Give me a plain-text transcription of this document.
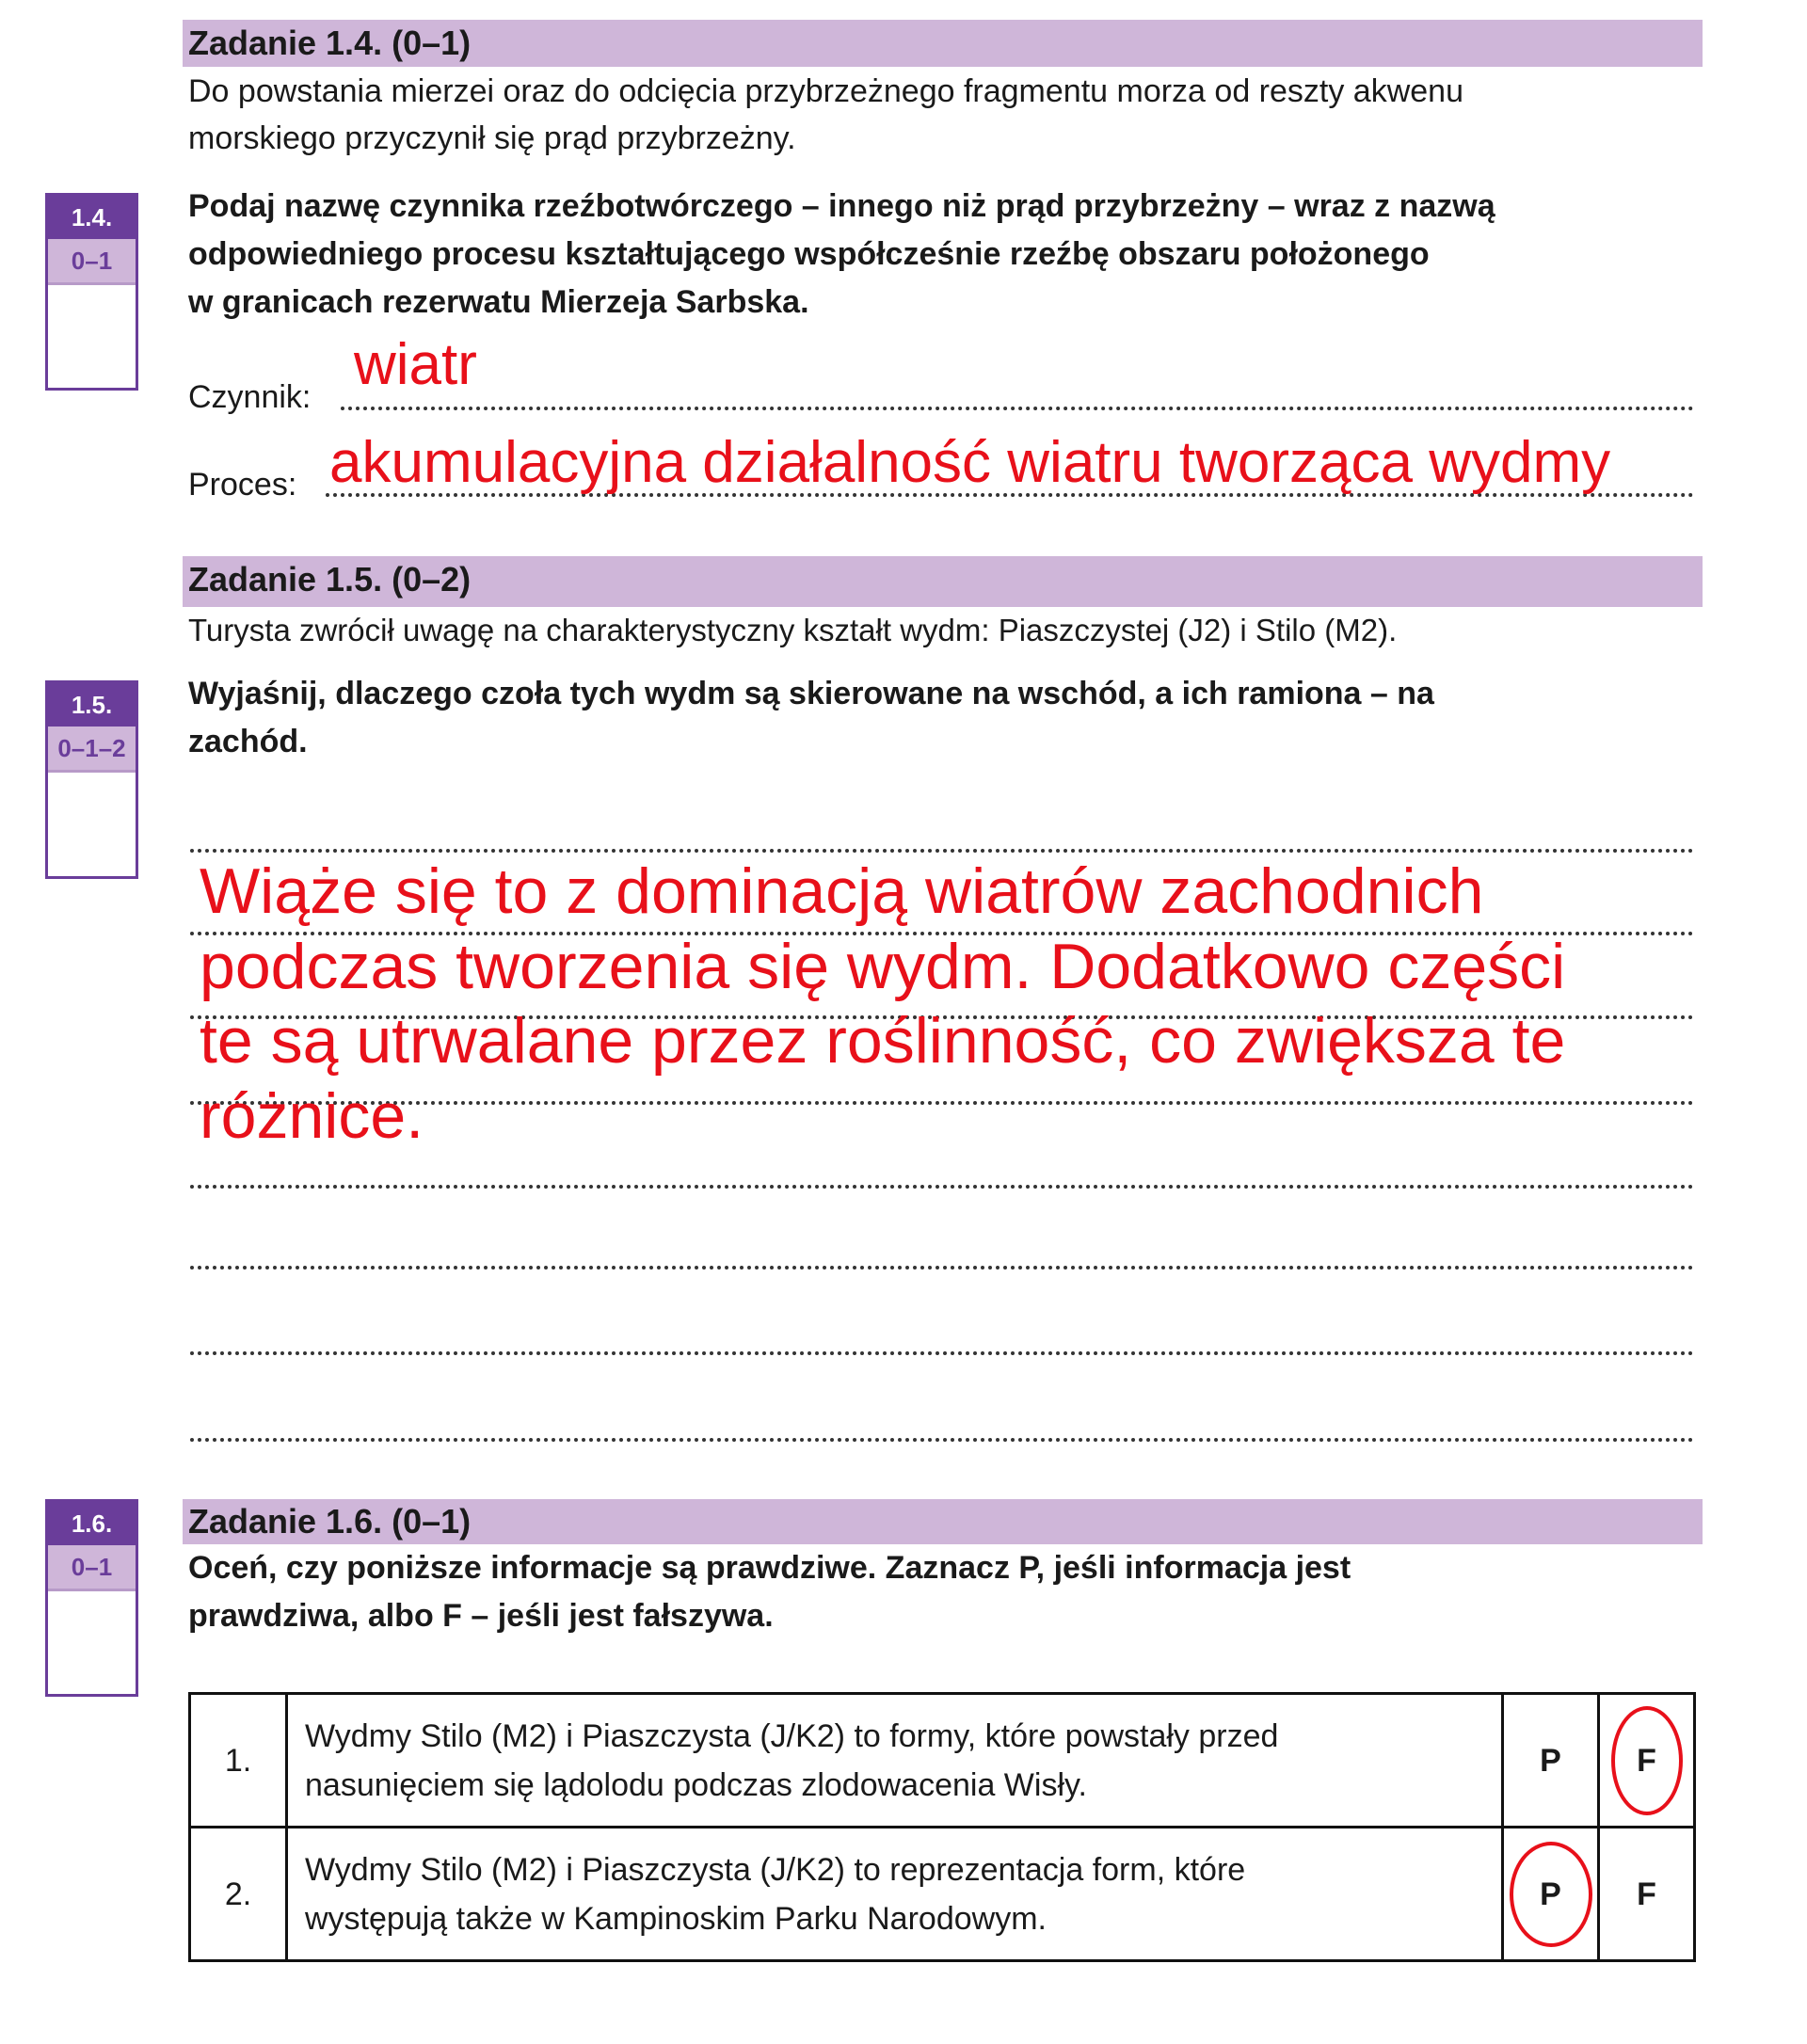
Zadanie 1.4. (0–1)
Do powstania mierzei oraz do odcięcia przybrzeżnego fragmentu morza od reszty akwenu
morskiego przyczynił się prąd przybrzeżny.
1.4.
0–1
Podaj nazwę czynnika rzeźbotwórczego – innego niż prąd przybrzeżny – wraz z nazwą
odpowiedniego procesu kształtującego współcześnie rzeźbę obszaru położonego
w granicach rezerwatu Mierzeja Sarbska.
Czynnik: wiatr
Proces: akumulacyjna działalność wiatru tworząca wydmy
Zadanie 1.5. (0–2)
Turysta zwrócił uwagę na charakterystyczny kształt wydm: Piaszczystej (J2) i Stilo (M2).
1.5.
0–1–2
Wyjaśnij, dlaczego czoła tych wydm są skierowane na wschód, a ich ramiona – na
zachód.
Wiąże się to z dominacją wiatrów zachodnich
podczas tworzenia się wydm. Dodatkowo części
te są utrwalane przez roślinność, co zwiększa te
różnice.
1.6.
0–1
Zadanie 1.6. (0–1)
Oceń, czy poniższe informacje są prawdziwe. Zaznacz P, jeśli informacja jest
prawdziwa, albo F – jeśli jest fałszywa.
1.	Wydmy Stilo (M2) i Piaszczysta (J/K2) to formy, które powstały przed
nasunięciem się lądolodu podczas zlodowacenia Wisły.	P	F

2.	Wydmy Stilo (M2) i Piaszczysta (J/K2) to reprezentacja form, które
występują także w Kampinoskim Parku Narodowym.	P	F
